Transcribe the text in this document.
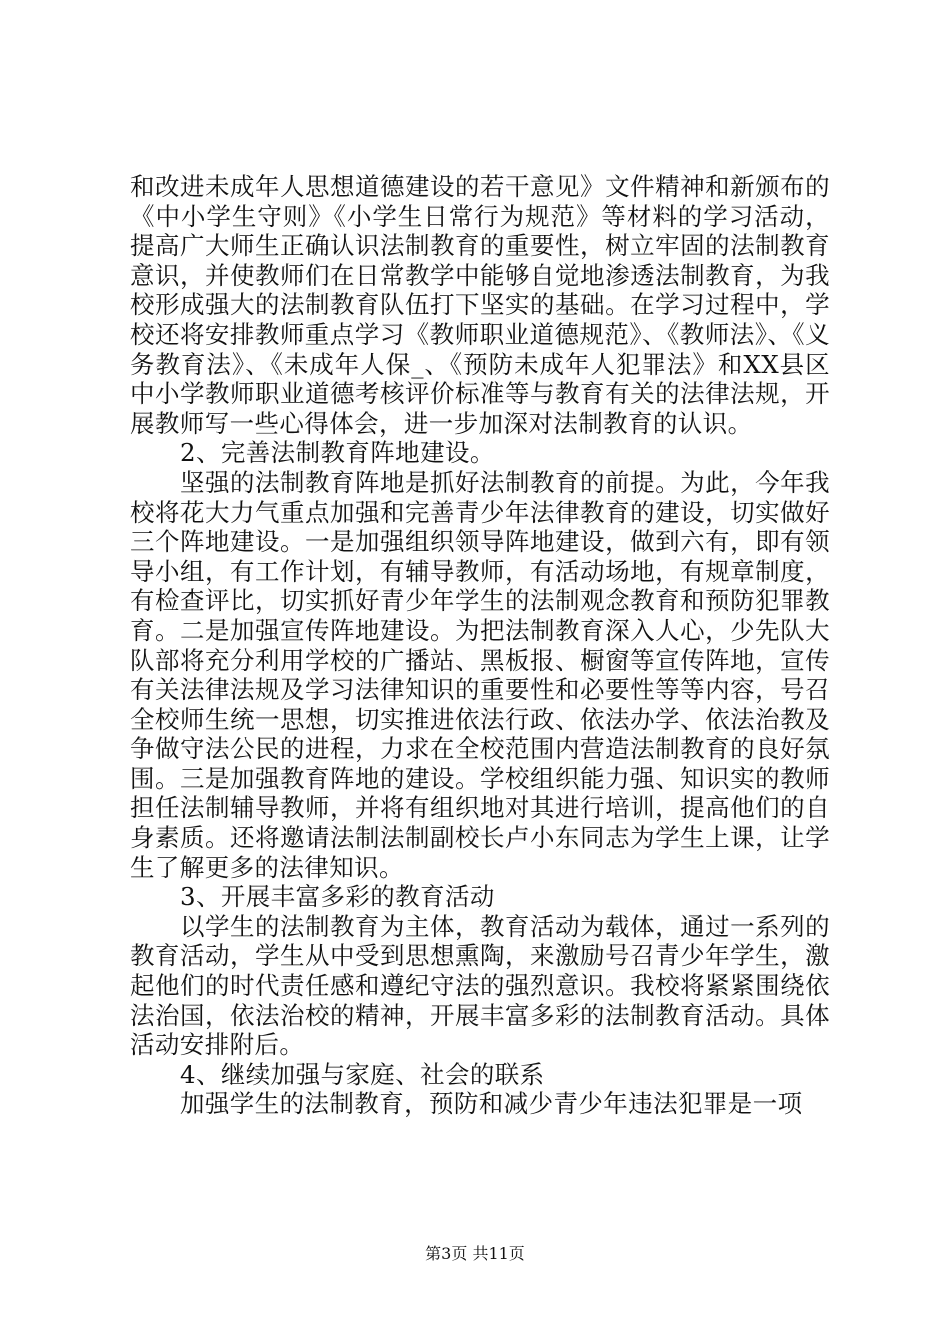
和改进未成年人思想道德建设的若干意见》文件精神和新颁布的《中小学生守则》《小学生日常行为规范》等材料的学习活动，提高广大师生正确认识法制教育的重要性，树立牢固的法制教育意识，并使教师们在日常教学中能够自觉地渗透法制教育，为我校形成强大的法制教育队伍打下坚实的基础。在学习过程中，学校还将安排教师重点学习《教师职业道德规范》、《教师法》、《义务教育法》、《未成年人保_、《预防未成年人犯罪法》和XX县区中小学教师职业道德考核评价标准等与教育有关的法律法规，开展教师写一些心得体会，进一步加深对法制教育的认识。

2、完善法制教育阵地建设。

坚强的法制教育阵地是抓好法制教育的前提。为此，今年我校将花大力气重点加强和完善青少年法律教育的建设，切实做好三个阵地建设。一是加强组织领导阵地建设，做到六有，即有领导小组，有工作计划，有辅导教师，有活动场地，有规章制度，有检查评比，切实抓好青少年学生的法制观念教育和预防犯罪教育。二是加强宣传阵地建设。为把法制教育深入人心，少先队大队部将充分利用学校的广播站、黑板报、橱窗等宣传阵地，宣传有关法律法规及学习法律知识的重要性和必要性等等内容，号召全校师生统一思想，切实推进依法行政、依法办学、依法治教及争做守法公民的进程，力求在全校范围内营造法制教育的良好氛围。三是加强教育阵地的建设。学校组织能力强、知识实的教师担任法制辅导教师，并将有组织地对其进行培训，提高他们的自身素质。还将邀请法制法制副校长卢小东同志为学生上课，让学生了解更多的法律知识。

3、开展丰富多彩的教育活动

以学生的法制教育为主体，教育活动为载体，通过一系列的教育活动，学生从中受到思想熏陶，来激励号召青少年学生，激起他们的时代责任感和遵纪守法的强烈意识。我校将紧紧围绕依法治国，依法治校的精神，开展丰富多彩的法制教育活动。具体活动安排附后。

4、继续加强与家庭、社会的联系

加强学生的法制教育，预防和减少青少年违法犯罪是一项

第3页 共11页
